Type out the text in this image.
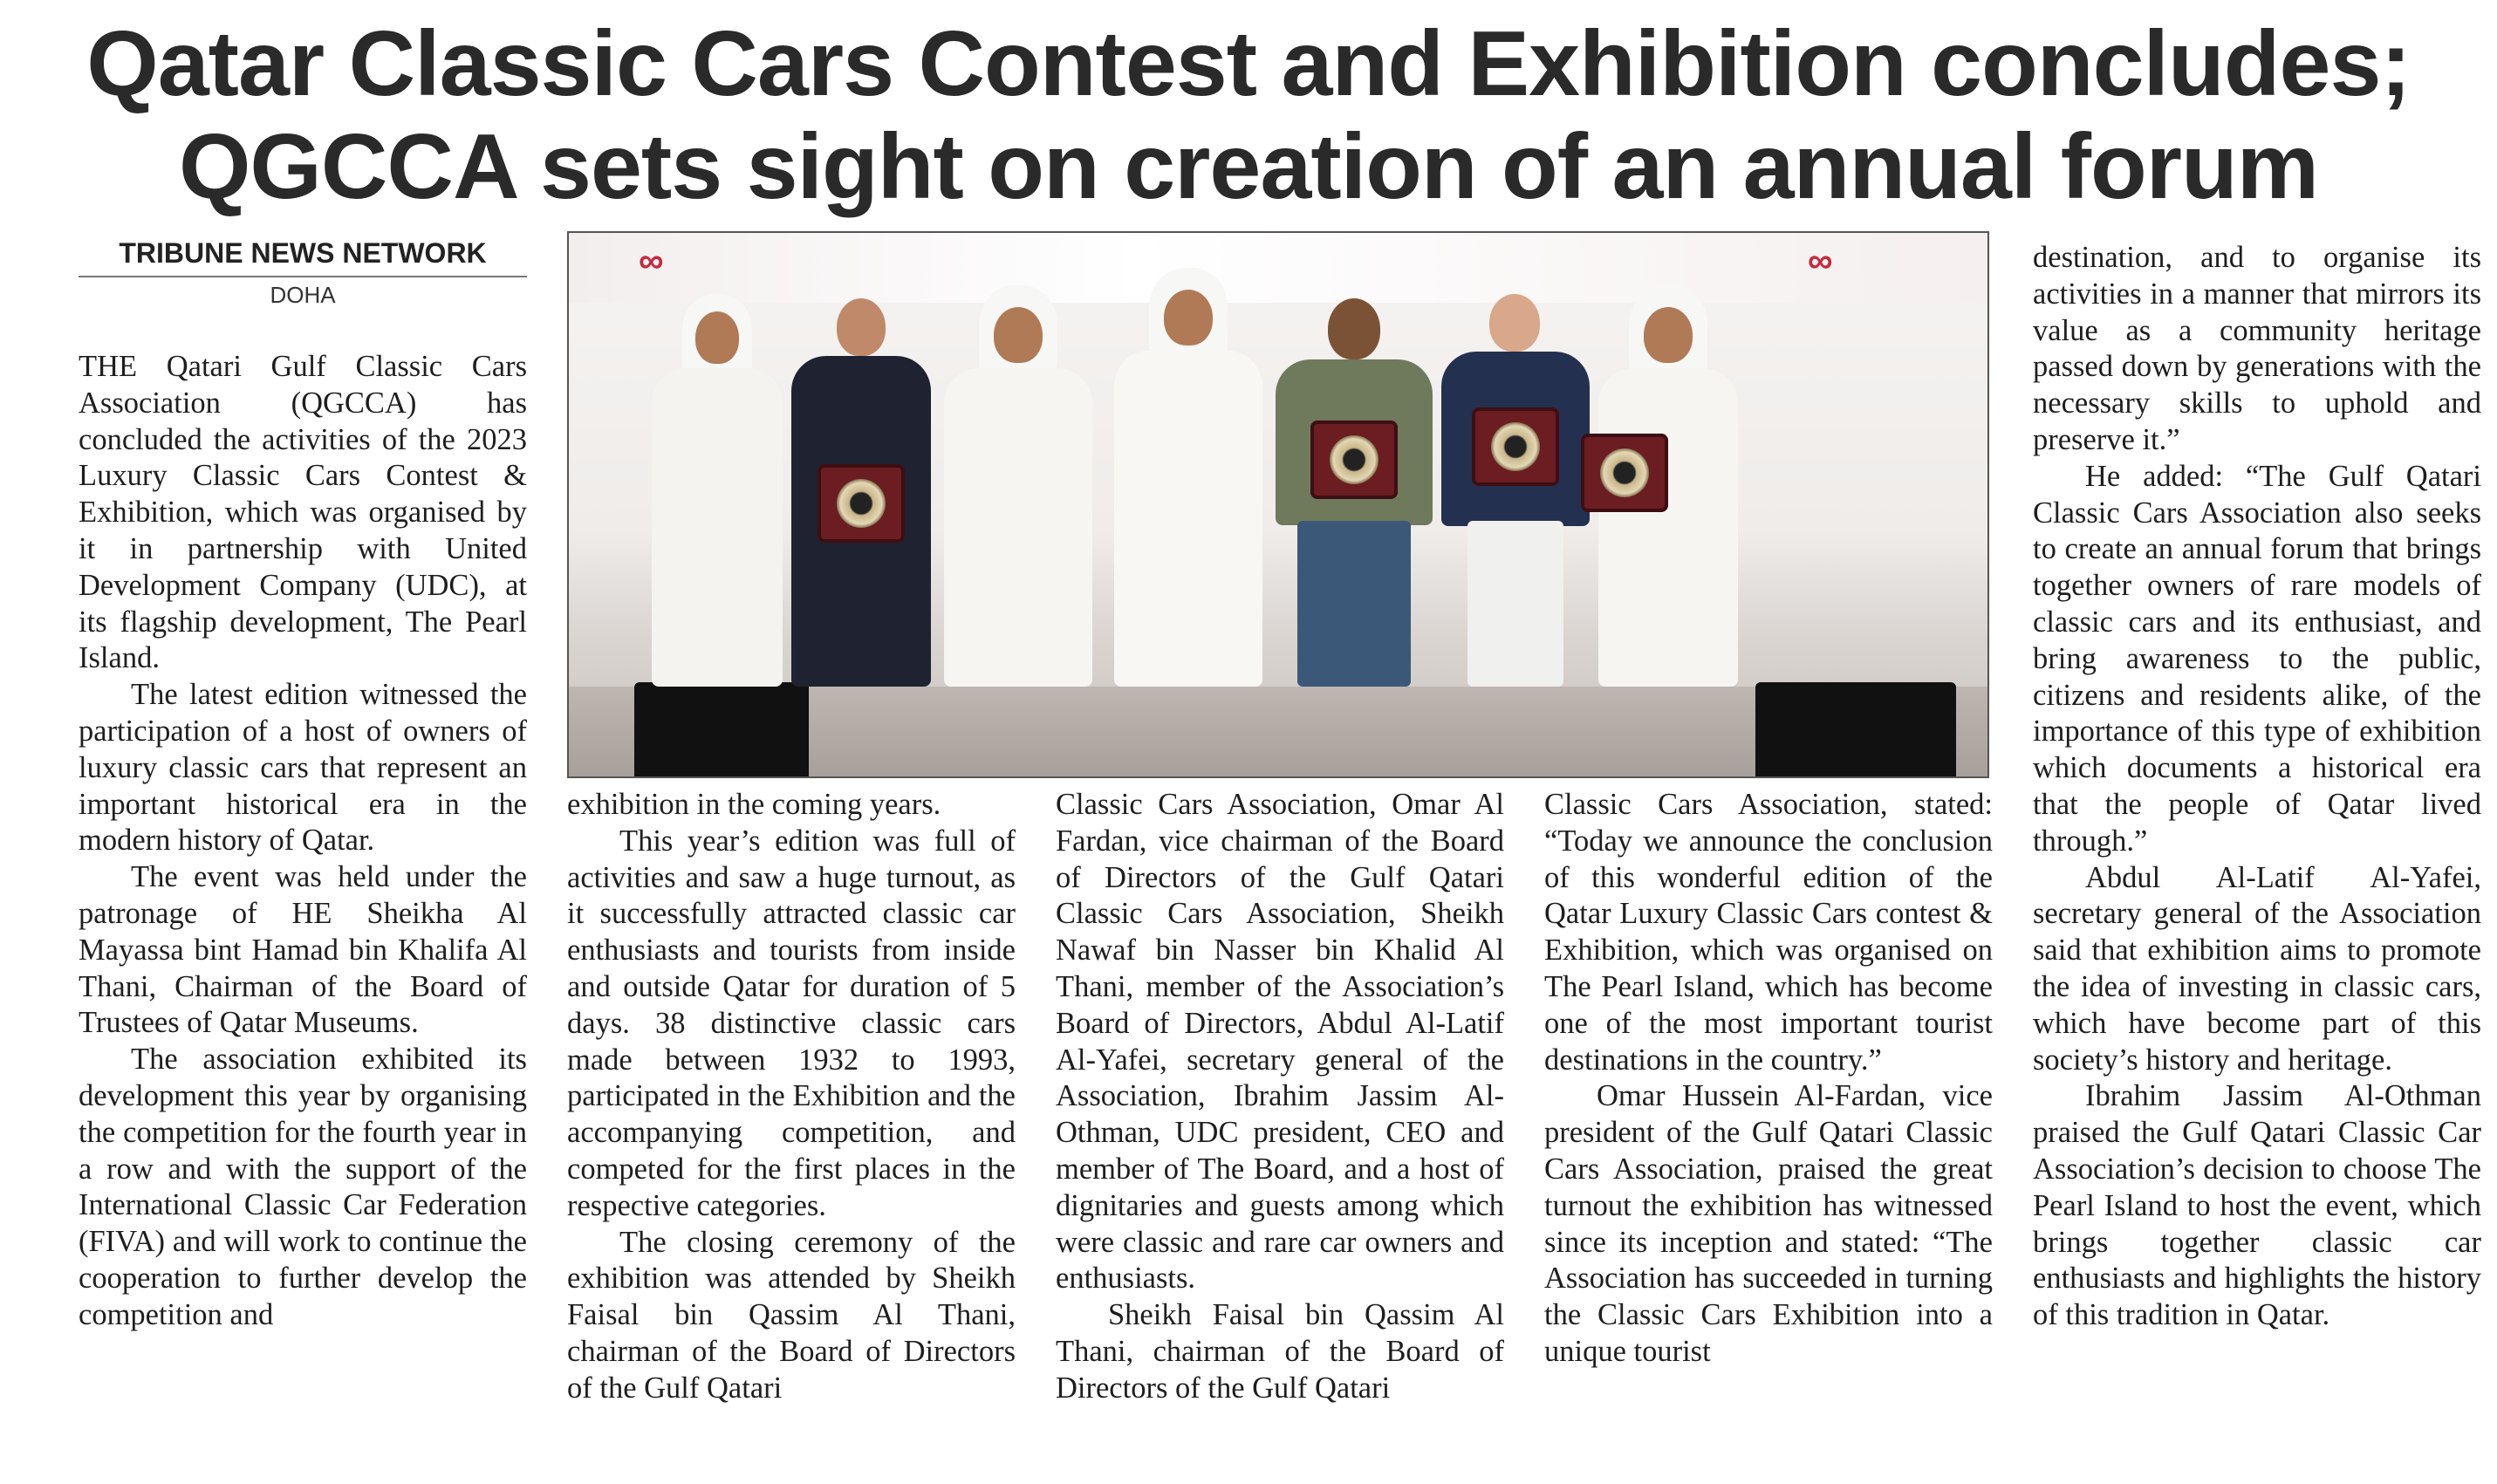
Qatar Classic Cars Contest and Exhibition concludes;
QGCCA sets sight on creation of an annual forum
TRIBUNE NEWS NETWORK
DOHA
∞	∞

THE Qatari Gulf Classic Cars Association (QGCCA) has concluded the activities of the 2023 Luxury Classic Cars Contest & Exhibition, which was organised by it in partnership with United Development Company (UDC), at its flagship development, The Pearl Island.

The latest edition witnessed the participation of a host of owners of luxury classic cars that represent an important historical era in the modern history of Qatar.

The event was held under the patronage of HE Sheikha Al Mayassa bint Hamad bin Khalifa Al Thani, Chairman of the Board of Trustees of Qatar Museums.

The association exhibited its development this year by organising the competition for the fourth year in a row and with the support of the International Classic Car Federation (FIVA) and will work to continue the cooperation to further develop the competition and

exhibition in the coming years.

This year’s edition was full of activities and saw a huge turnout, as it successfully attracted classic car enthusiasts and tourists from inside and outside Qatar for duration of 5 days. 38 distinctive classic cars made between 1932 to 1993, participated in the Exhibition and the accompanying competition, and competed for the first places in the respective categories.

The closing ceremony of the exhibition was attended by Sheikh Faisal bin Qassim Al Thani, chairman of the Board of Directors of the Gulf Qatari

Classic Cars Association, Omar Al Fardan, vice chairman of the Board of Directors of the Gulf Qatari Classic Cars Association, Sheikh Nawaf bin Nasser bin Khalid Al Thani, member of the Association’s Board of Directors, Abdul Al-Latif Al-Yafei, secretary general of the Association, Ibrahim Jassim Al-Othman, UDC president, CEO and member of The Board, and a host of dignitaries and guests among which were classic and rare car owners and enthusiasts.

Sheikh Faisal bin Qassim Al Thani, chairman of the Board of Directors of the Gulf Qatari

Classic Cars Association, stated: “Today we announce the conclusion of this wonderful edition of the Qatar Luxury Classic Cars contest & Exhibition, which was organised on The Pearl Island, which has become one of the most important tourist destinations in the country.”

Omar Hussein Al-Fardan, vice president of the Gulf Qatari Classic Cars Association, praised the great turnout the exhibition has witnessed since its inception and stated: “The Association has succeeded in turning the Classic Cars Exhibition into a unique tourist

destination, and to organise its activities in a manner that mirrors its value as a community heritage passed down by generations with the necessary skills to uphold and preserve it.”

He added: “The Gulf Qatari Classic Cars Association also seeks to create an annual forum that brings together owners of rare models of classic cars and its enthusiast, and bring awareness to the public, citizens and residents alike, of the importance of this type of exhibition which documents a historical era that the people of Qatar lived through.”

Abdul Al-Latif Al-Yafei, secretary general of the Association said that exhibition aims to promote the idea of investing in classic cars, which have become part of this society’s history and heritage.

Ibrahim Jassim Al-Othman praised the Gulf Qatari Classic Car Association’s decision to choose The Pearl Island to host the event, which brings together classic car enthusiasts and highlights the history of this tradition in Qatar.
